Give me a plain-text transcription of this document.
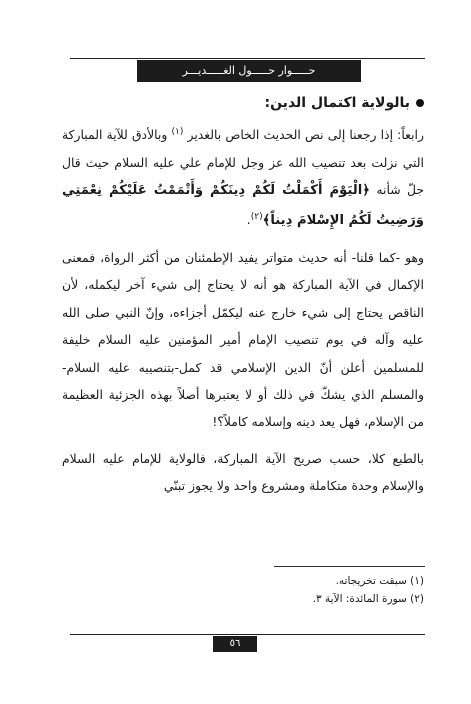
حـــــوار حـــــول الغـــــديـــر
بالولاية اكتمال الدين:

رابعاً: إذا رجعنا إلى نص الحديث الخاص بالغدير $^{(١)}$ وبالأدق للآية المباركة التي نزلت بعد تنصيب الله عز وجل للإمام علي عليه السلام حيث قال جلّ شأنه ﴿الْيَوْمَ أَكْمَلْتُ لَكُمْ دِينَكُمْ وَأَتْمَمْتُ عَلَيْكُمْ نِعْمَتِي وَرَضِيتُ لَكُمُ الإِسْلامَ دِيناً﴾$^{(٢)}$.

وهو -كما قلنا- أنه حديث متواتر يفيد الإطمئنان من أكثر الرواة، فمعنى الإكمال في الآية المباركة هو أنه لا يحتاج إلى شيء آخر ليكمله، لأن الناقص يحتاج إلى شيء خارج عنه ليكمّل أجزاءه، وإنّ النبي صلى الله عليه وآله في يوم تنصيب الإمام أمير المؤمنين عليه السلام خليفة للمسلمين أعلن أنّ الدين الإسلامي قد كمل-بتنصيبه عليه السلام-والمسلم الذي يشكّ في ذلك أو لا يعتبرها أصلاً بهذه الجزئية العظيمة من الإسلام، فهل يعد دينه وإسلامه كاملاً؟!

بالطبع كلا، حسب صريح الآية المباركة، فالولاية للإمام عليه السلام والإسلام وحدة متكاملة ومشروع واحد ولا يجوز تبنّي

(١) سبقت تخريجاته.

(٢) سورة المائدة: الآية ٣.

٥٦
